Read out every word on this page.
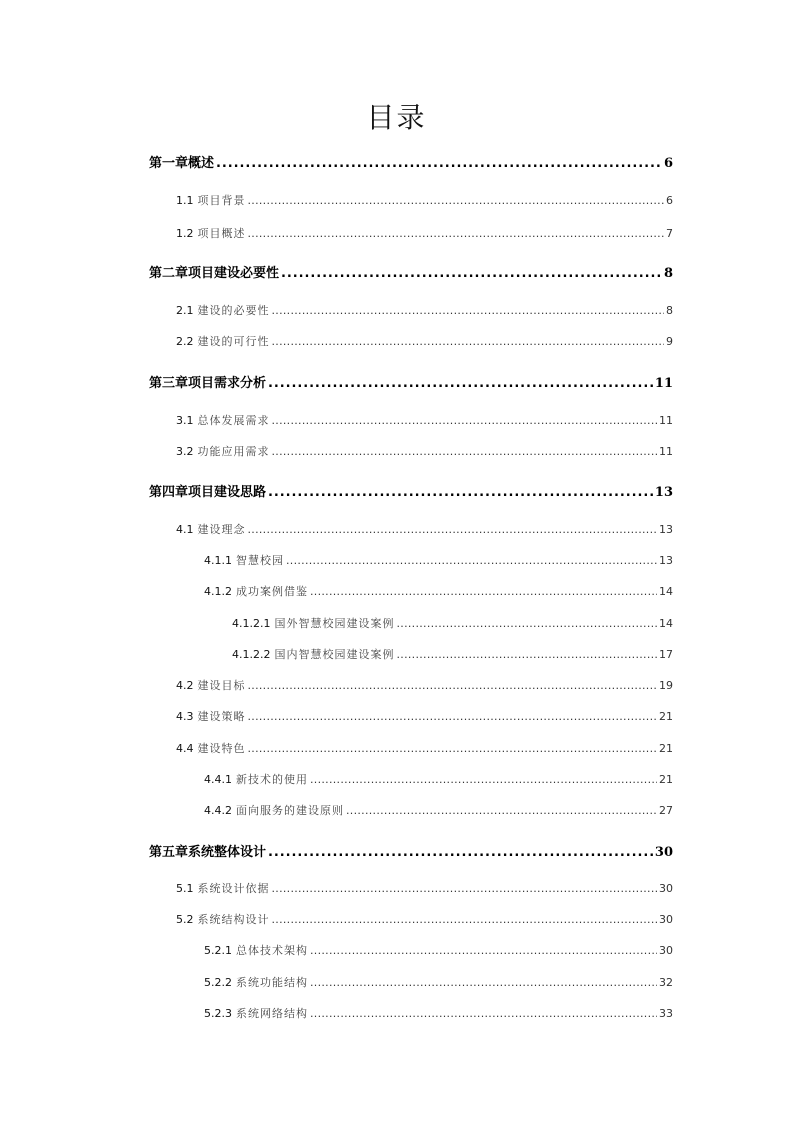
目录
第一章概述 . . .	6
1.1 项目背景 . . .	6
1.2 项目概述 . . .	7
第二章项目建设必要性 . . .	8
2.1 建设的必要性 . . .	8
2.2 建设的可行性 . . .	9
第三章项目需求分析 . . .	11
3.1 总体发展需求 . . .	11
3.2 功能应用需求 . . .	11
第四章项目建设思路 . . .	13
4.1 建设理念 . . .	13
4.1.1 智慧校园 . . .	13
4.1.2 成功案例借鉴 . . .	14
4.1.2.1 国外智慧校园建设案例 . . .	14
4.1.2.2 国内智慧校园建设案例 . . .	17
4.2 建设目标 . . .	19
4.3 建设策略 . . .	21
4.4 建设特色 . . .	21
4.4.1 新技术的使用 . . .	21
4.4.2 面向服务的建设原则 . . .	27
第五章系统整体设计 . . .	30
5.1 系统设计依据 . . .	30
5.2 系统结构设计 . . .	30
5.2.1 总体技术架构 . . .	30
5.2.2 系统功能结构 . . .	32
5.2.3 系统网络结构 . . .	33
